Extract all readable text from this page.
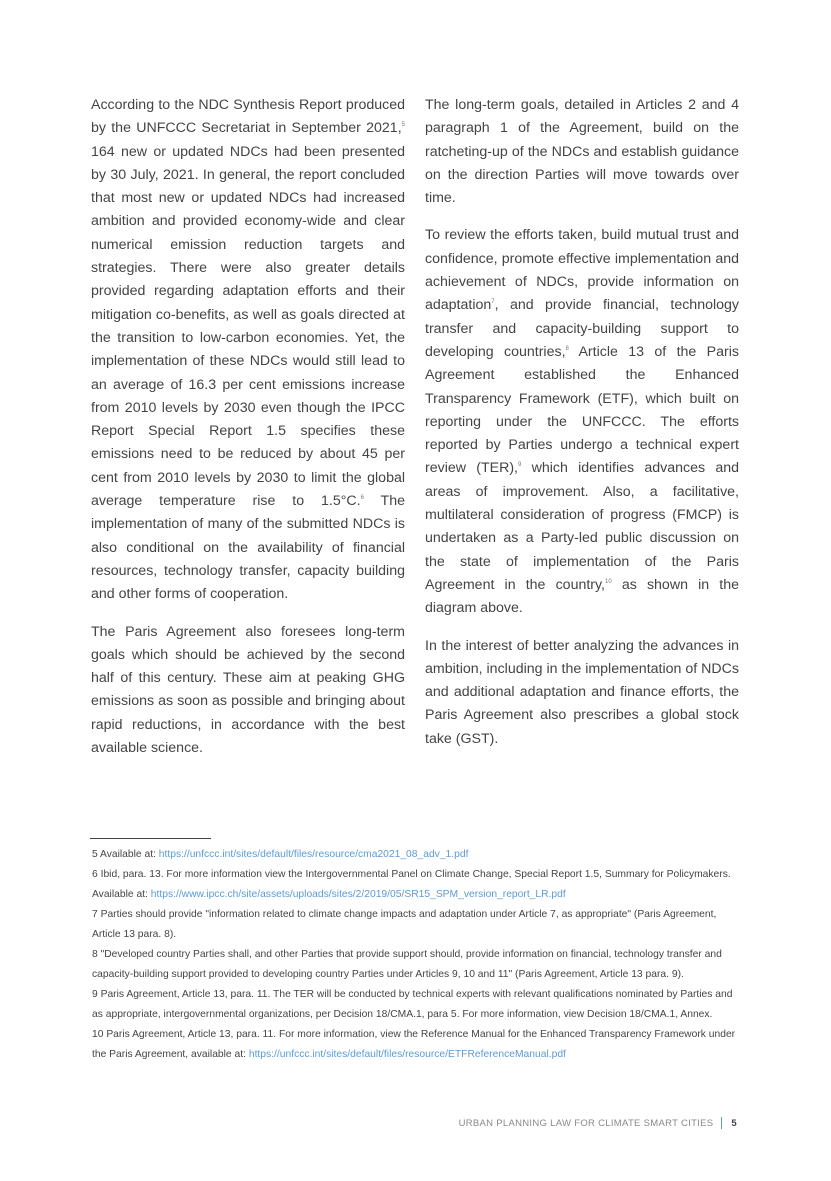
According to the NDC Synthesis Report produced by the UNFCCC Secretariat in September 2021,$^5$ 164 new or updated NDCs had been presented by 30 July, 2021. In general, the report concluded that most new or updated NDCs had increased ambition and provided economy-wide and clear numerical emission reduction targets and strategies. There were also greater details provided regarding adaptation efforts and their mitigation co-benefits, as well as goals directed at the transition to low-carbon economies. Yet, the implementation of these NDCs would still lead to an average of 16.3 per cent emissions increase from 2010 levels by 2030 even though the IPCC Report Special Report 1.5 specifies these emissions need to be reduced by about 45 per cent from 2010 levels by 2030 to limit the global average temperature rise to 1.5°C.$^6$ The implementation of many of the submitted NDCs is also conditional on the availability of financial resources, technology transfer, capacity building and other forms of cooperation.

The Paris Agreement also foresees long-term goals which should be achieved by the second half of this century. These aim at peaking GHG emissions as soon as possible and bringing about rapid reductions, in accordance with the best available science.

The long-term goals, detailed in Articles 2 and 4 paragraph 1 of the Agreement, build on the ratcheting-up of the NDCs and establish guidance on the direction Parties will move towards over time.

To review the efforts taken, build mutual trust and confidence, promote effective implementation and achievement of NDCs, provide information on adaptation$^7$, and provide financial, technology transfer and capacity-building support to developing countries,$^8$ Article 13 of the Paris Agreement established the Enhanced Transparency Framework (ETF), which built on reporting under the UNFCCC. The efforts reported by Parties undergo a technical expert review (TER),$^9$ which identifies advances and areas of improvement. Also, a facilitative, multilateral consideration of progress (FMCP) is undertaken as a Party-led public discussion on the state of implementation of the Paris Agreement in the country,$^{10}$ as shown in the diagram above.

In the interest of better analyzing the advances in ambition, including in the implementation of NDCs and additional adaptation and finance efforts, the Paris Agreement also prescribes a global stock take (GST).

5 Available at: https://unfccc.int/sites/default/files/resource/cma2021_08_adv_1.pdf

6 Ibid, para. 13. For more information view the Intergovernmental Panel on Climate Change, Special Report 1.5, Summary for Policymakers. Available at: https://www.ipcc.ch/site/assets/uploads/sites/2/2019/05/SR15_SPM_version_report_LR.pdf

7 Parties should provide "information related to climate change impacts and adaptation under Article 7, as appropriate" (Paris Agreement, Article 13 para. 8).

8 "Developed country Parties shall, and other Parties that provide support should, provide information on financial, technology transfer and capacity-building support provided to developing country Parties under Articles 9, 10 and 11" (Paris Agreement, Article 13 para. 9).

9 Paris Agreement, Article 13, para. 11. The TER will be conducted by technical experts with relevant qualifications nominated by Parties and as appropriate, intergovernmental organizations, per Decision 18/CMA.1, para 5. For more information, view Decision 18/CMA.1, Annex.

10 Paris Agreement, Article 13, para. 11. For more information, view the Reference Manual for the Enhanced Transparency Framework under the Paris Agreement, available at: https://unfccc.int/sites/default/files/resource/ETFReferenceManual.pdf

URBAN PLANNING LAW FOR CLIMATE SMART CITIES 5
